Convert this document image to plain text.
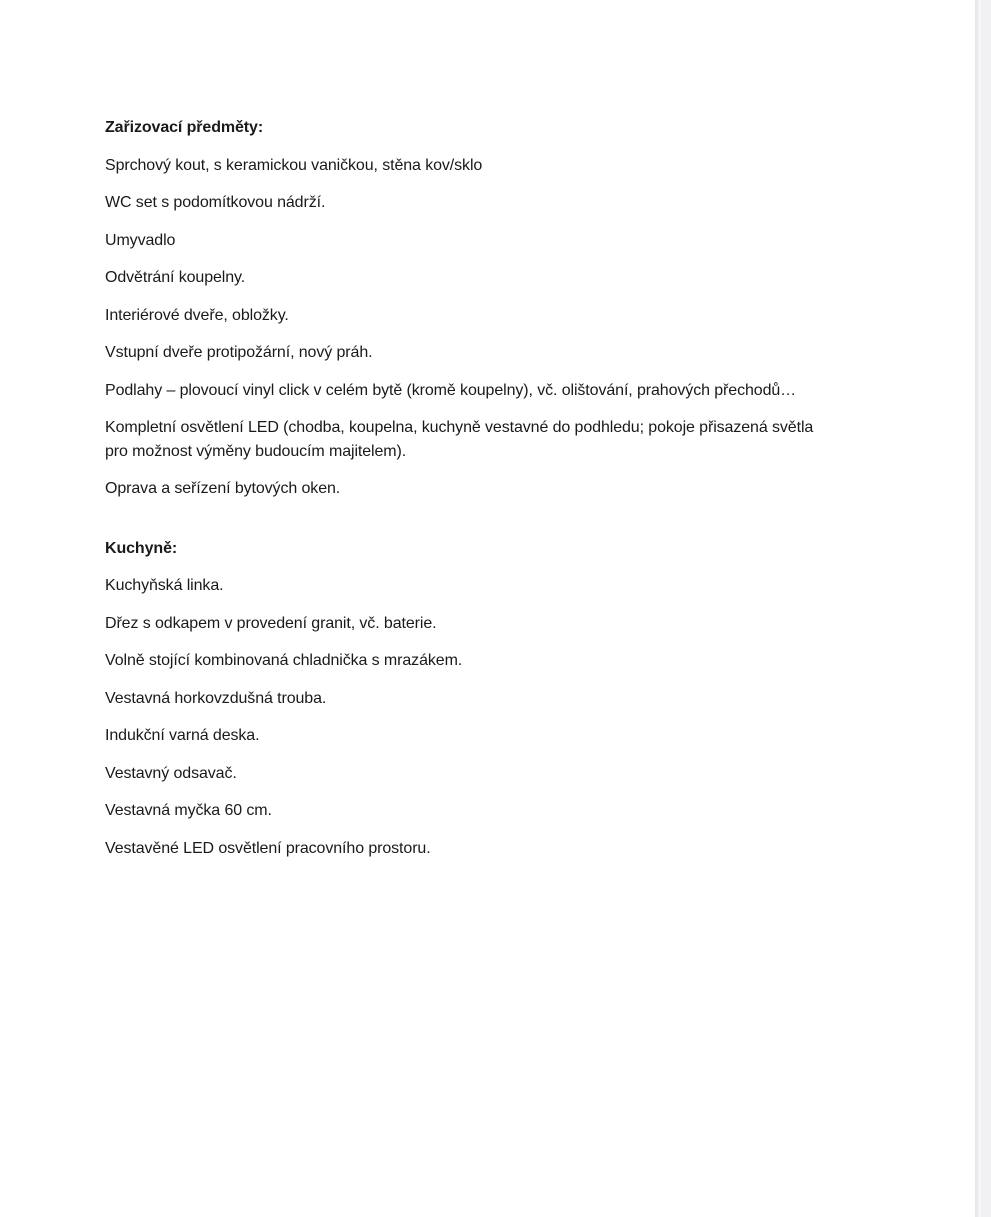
Zařizovací předměty:

Sprchový kout, s keramickou vaničkou, stěna kov/sklo

WC set s podomítkovou nádrží.

Umyvadlo

Odvětrání koupelny.

Interiérové dveře, obložky.

Vstupní dveře protipožární, nový práh.

Podlahy – plovoucí vinyl click v celém bytě (kromě koupelny), vč. olištování, prahových přechodů…

Kompletní osvětlení LED (chodba, koupelna, kuchyně vestavné do podhledu; pokoje přisazená světla
pro možnost výměny budoucím majitelem).

Oprava a seřízení bytových oken.

Kuchyně:

Kuchyňská linka.

Dřez s odkapem v provedení granit, vč. baterie.

Volně stojící kombinovaná chladnička s mrazákem.

Vestavná horkovzdušná trouba.

Indukční varná deska.

Vestavný odsavač.

Vestavná myčka 60 cm.

Vestavěné LED osvětlení pracovního prostoru.
